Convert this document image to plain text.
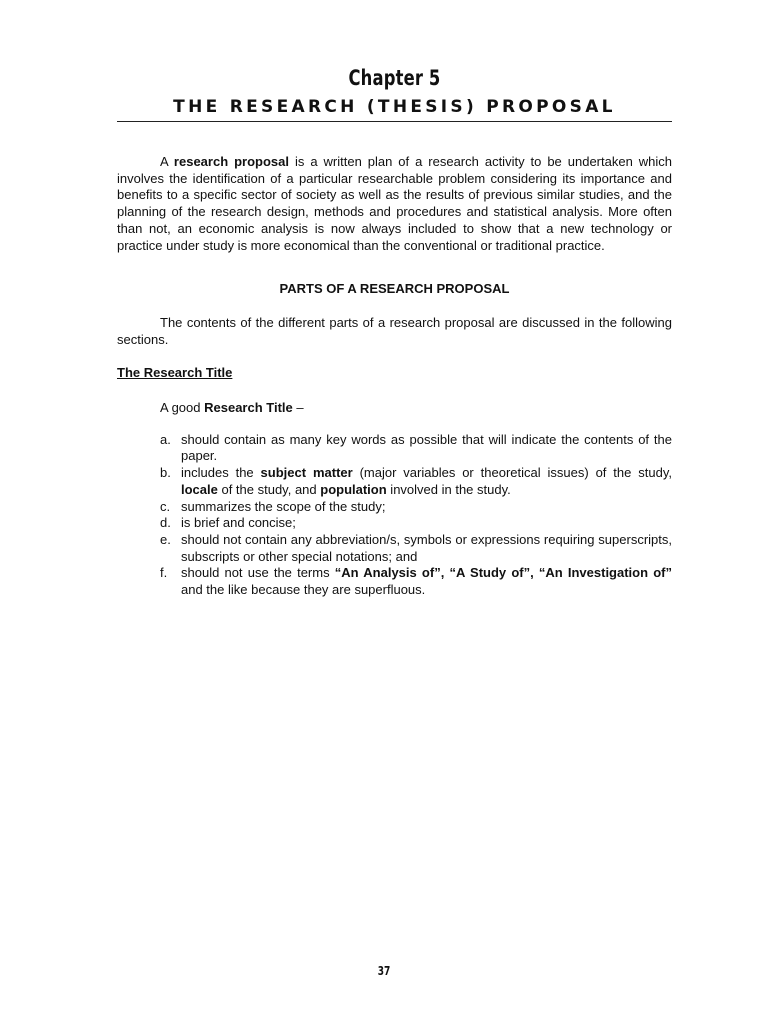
Chapter 5
THE RESEARCH (THESIS) PROPOSAL

A research proposal is a written plan of a research activity to be undertaken which involves the identification of a particular researchable problem considering its importance and benefits to a specific sector of society as well as the results of previous similar studies, and the planning of the research design, methods and procedures and statistical analysis. More often than not, an economic analysis is now always included to show that a new technology or practice under study is more economical than the conventional or traditional practice.

PARTS OF A RESEARCH PROPOSAL

The contents of the different parts of a research proposal are discussed in the following sections.

The Research Title
A good Research Title –
a. should contain as many key words as possible that will indicate the contents of the paper.
b. includes the subject matter (major variables or theoretical issues) of the study, locale of the study, and population involved in the study.
c. summarizes the scope of the study;
d. is brief and concise;
e. should not contain any abbreviation/s, symbols or expressions requiring superscripts, subscripts or other special notations; and
f.	should not use the terms “An Analysis of”, “A Study of”, “An Investigation of” and the like because they are superfluous.
37
